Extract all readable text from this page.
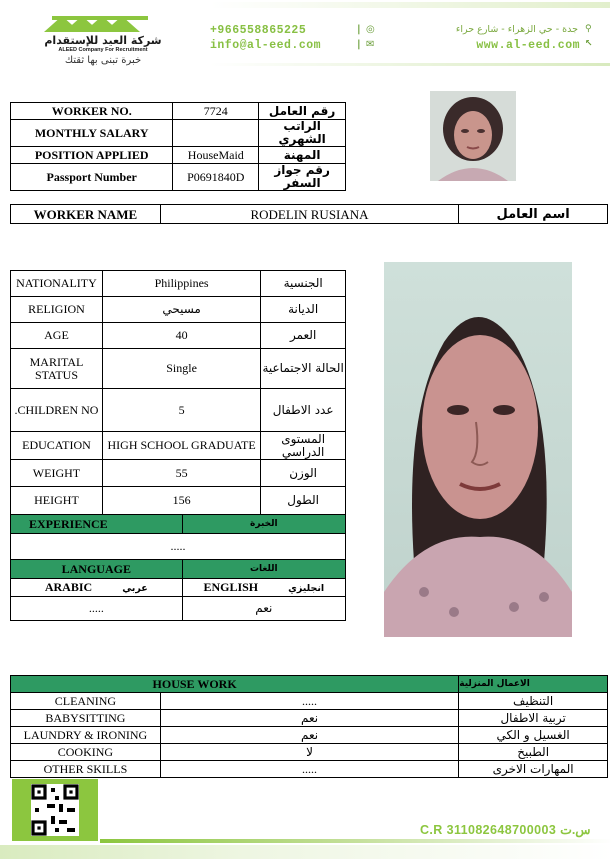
شركة العيد للإستقدام
ALEED Company For Recruitment
خبرة تبنى بها ثقتك
+966558865225	| ◎
info@al-eed.com	| ✉
جدة - حي الزهراء - شارع حراء ⚲
www.al-eed.com ↖
WORKER NO.	7724	رقم العامل
MONTHLY SALARY		الراتب الشهري
POSITION APPLIED	HouseMaid	المهنة
Passport Number	P0691840D	رقم جواز السفر
WORKER NAME	RODELIN RUSIANA	اسم العامل
NATIONALITY	Philippines		الجنسية
RELIGION	مسيحي		الديانة
AGE	40		العمر
MARITAL STATUS	Single		الحالة الاجتماعية
.CHILDREN NO	5		عدد الاطفال
EDUCATION	HIGH SCHOOL GRADUATE		المستوى الدراسي
WEIGHT	55		الوزن
HEIGHT	156		الطول
EXPERIENCE		الخبرة	
.....			
LANGUAGE		اللغات	
ARABIC عربي		ENGLISH انجليزي	
.....		نعم	
HOUSE WORK		الاعمال المنزلية
CLEANING	.....	التنظيف
BABYSITTING	نعم	تربية الاطفال
LAUNDRY & IRONING	نعم	الغسيل و الكي
COOKING	لا	الطبيخ
OTHER SKILLS	.....	المهارات الاخرى
C.R 311082648700003 س.ت
